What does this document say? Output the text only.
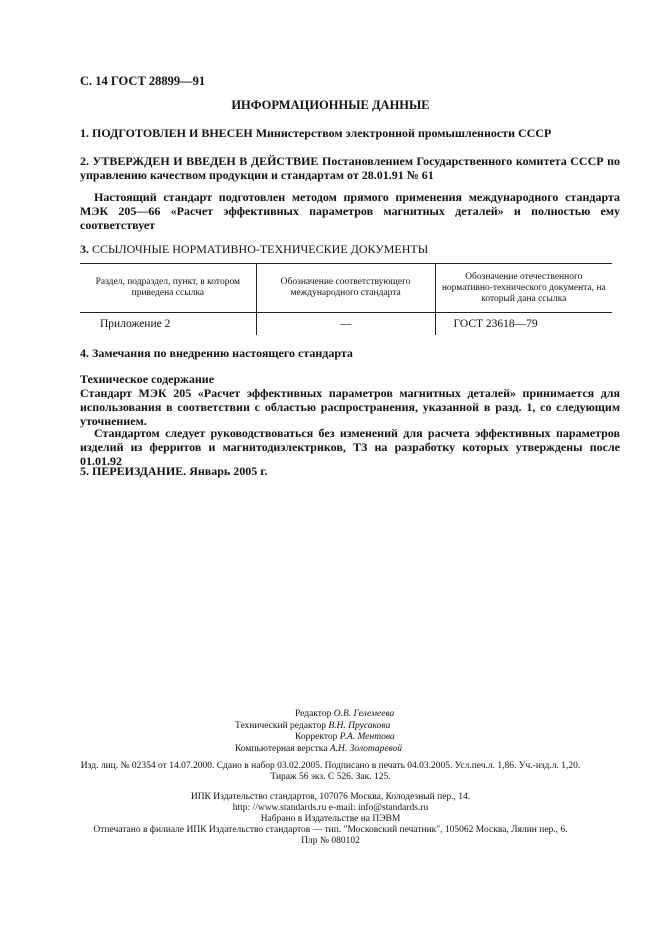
С. 14 ГОСТ 28899—91
ИНФОРМАЦИОННЫЕ ДАННЫЕ
1. ПОДГОТОВЛЕН И ВНЕСЕН Министерством электронной промышленности СССР
2. УТВЕРЖДЕН И ВВЕДЕН В ДЕЙСТВИЕ Постановлением Государственного комитета СССР по управлению качеством продукции и стандартам от 28.01.91 № 61
Настоящий стандарт подготовлен методом прямого применения международного стандарта МЭК 205—66 «Расчет эффективных параметров магнитных деталей» и полностью ему соответствует
3. ССЫЛОЧНЫЕ НОРМАТИВНО-ТЕХНИЧЕСКИЕ ДОКУМЕНТЫ
Раздел, подраздел, пункт, в котором приведена ссылка	Обозначение соответствующего международного стандарта	Обозначение отечественного нормативно-технического документа, на который дана ссылка
Приложение 2	—	ГОСТ 23618—79
4. Замечания по внедрению настоящего стандарта
Техническое содержание
Стандарт МЭК 205 «Расчет эффективных параметров магнитных деталей» принимается для использования в соответствии с областью распространения, указанной в разд. 1, со следующим уточнением.
Стандартом следует руководствоваться без изменений для расчета эффективных параметров изделий из ферритов и магнитодиэлектриков, ТЗ на разработку которых утверждены после 01.01.92
5. ПЕРЕИЗДАНИЕ. Январь 2005 г.
Редактор О.В. Гелемеева
Технический редактор В.Н. Прусакова
Корректор Р.А. Ментова
Компьютерная верстка А.Н. Золотаревой
Изд. лиц. № 02354 от 14.07.2000. Сдано в набор 03.02.2005. Подписано в печать 04.03.2005. Усл.печ.л. 1,86. Уч.-изд.л. 1,20.
Тираж 56 экз. С 526. Зак. 125.
ИПК Издательство стандартов, 107076 Москва, Колодезный пер., 14.
http: //www.standards.ru e-mail: info@standards.ru
Набрано в Издательстве на ПЭВМ
Отпечатано в филиале ИПК Издательство стандартов — тип. "Московский печатник", 105062 Москва, Лялин пер., 6.
Плр № 080102
